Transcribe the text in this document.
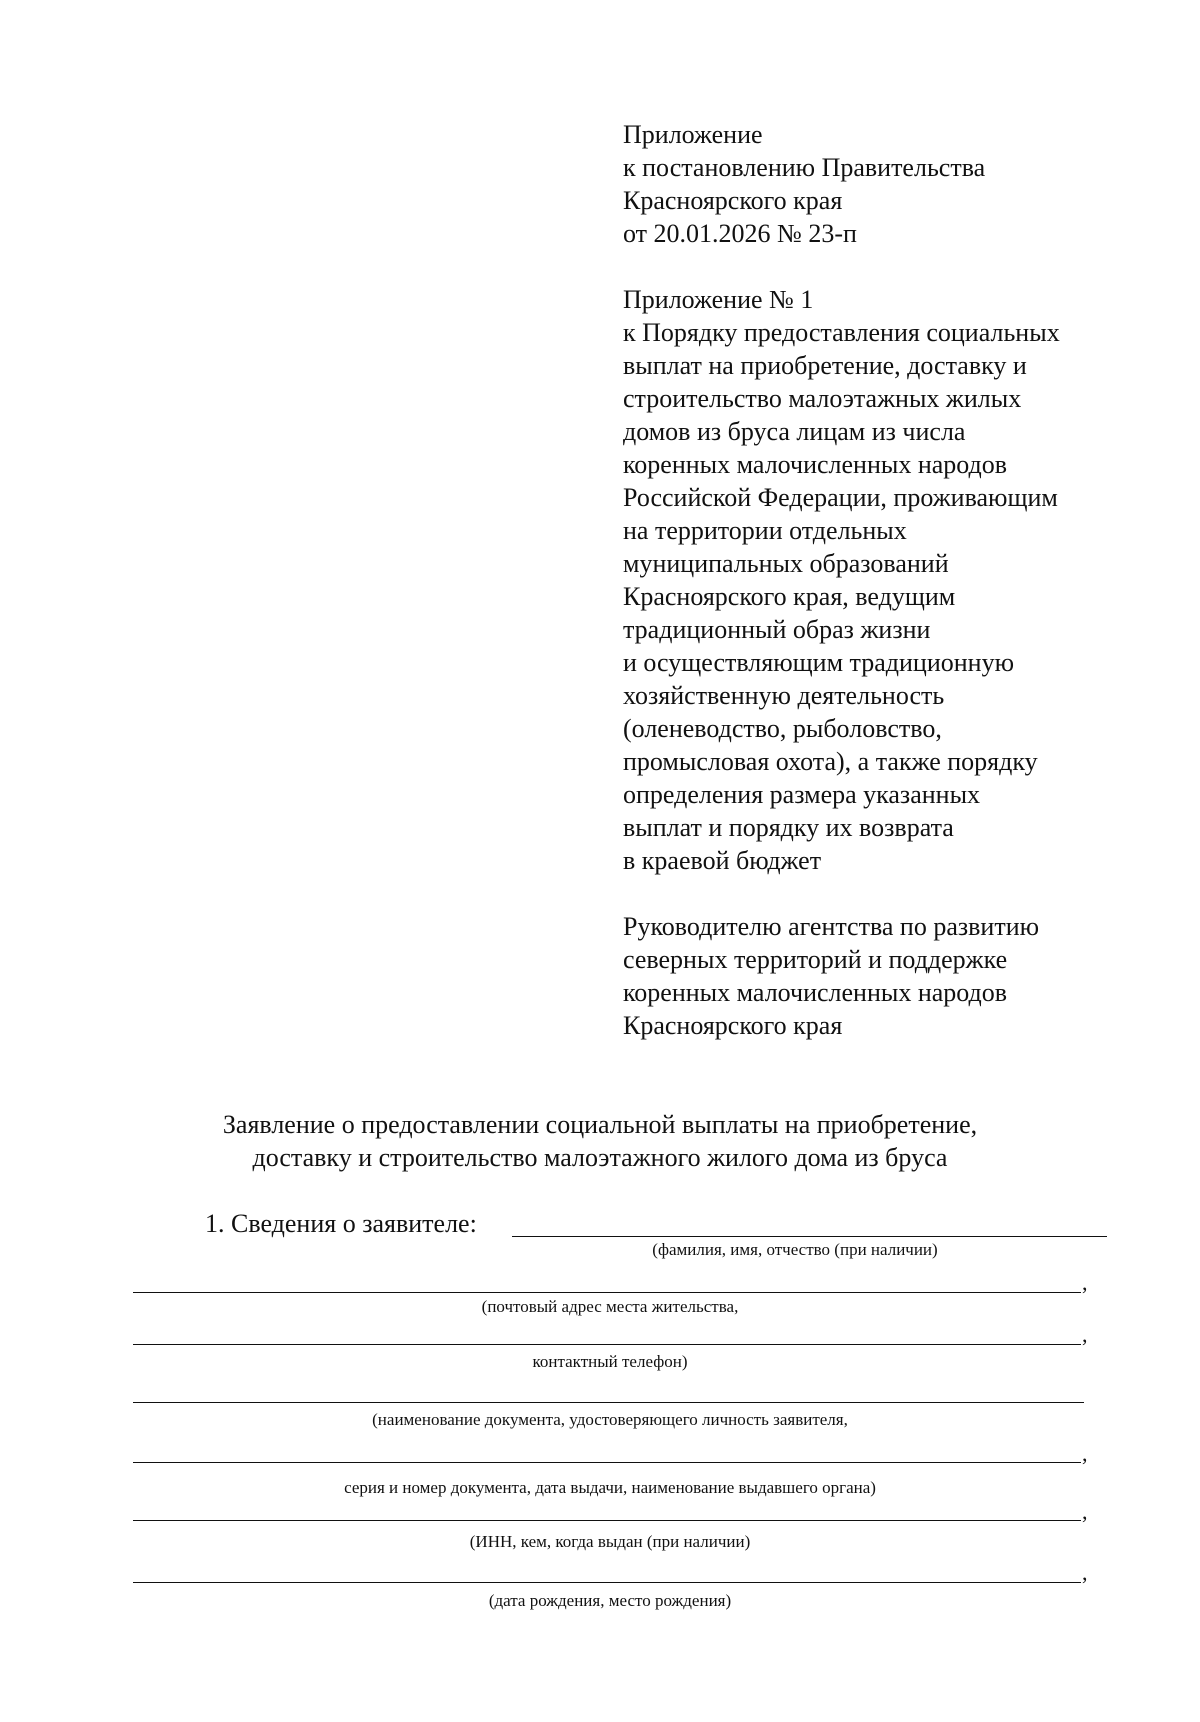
Приложение
к постановлению Правительства
Красноярского края
от 20.01.2026 № 23-п
Приложение № 1
к Порядку предоставления социальных
выплат на приобретение, доставку и
строительство малоэтажных жилых
домов из бруса лицам из числа
коренных малочисленных народов
Российской Федерации, проживающим
на территории отдельных
муниципальных образований
Красноярского края, ведущим
традиционный образ жизни
и осуществляющим традиционную
хозяйственную деятельность
(оленеводство, рыболовство,
промысловая охота), а также порядку
определения размера указанных
выплат и порядку их возврата
в краевой бюджет
Руководителю агентства по развитию
северных территорий и поддержке
коренных малочисленных народов
Красноярского края
Заявление о предоставлении социальной выплаты на приобретение,
доставку и строительство малоэтажного жилого дома из бруса
1. Сведения о заявителе:
(фамилия, имя, отчество (при наличии)
,
(почтовый адрес места жительства,
,
контактный телефон)
(наименование документа, удостоверяющего личность заявителя,
,
серия и номер документа, дата выдачи, наименование выдавшего органа)
,
(ИНН, кем, когда выдан (при наличии)
,
(дата рождения, место рождения)
